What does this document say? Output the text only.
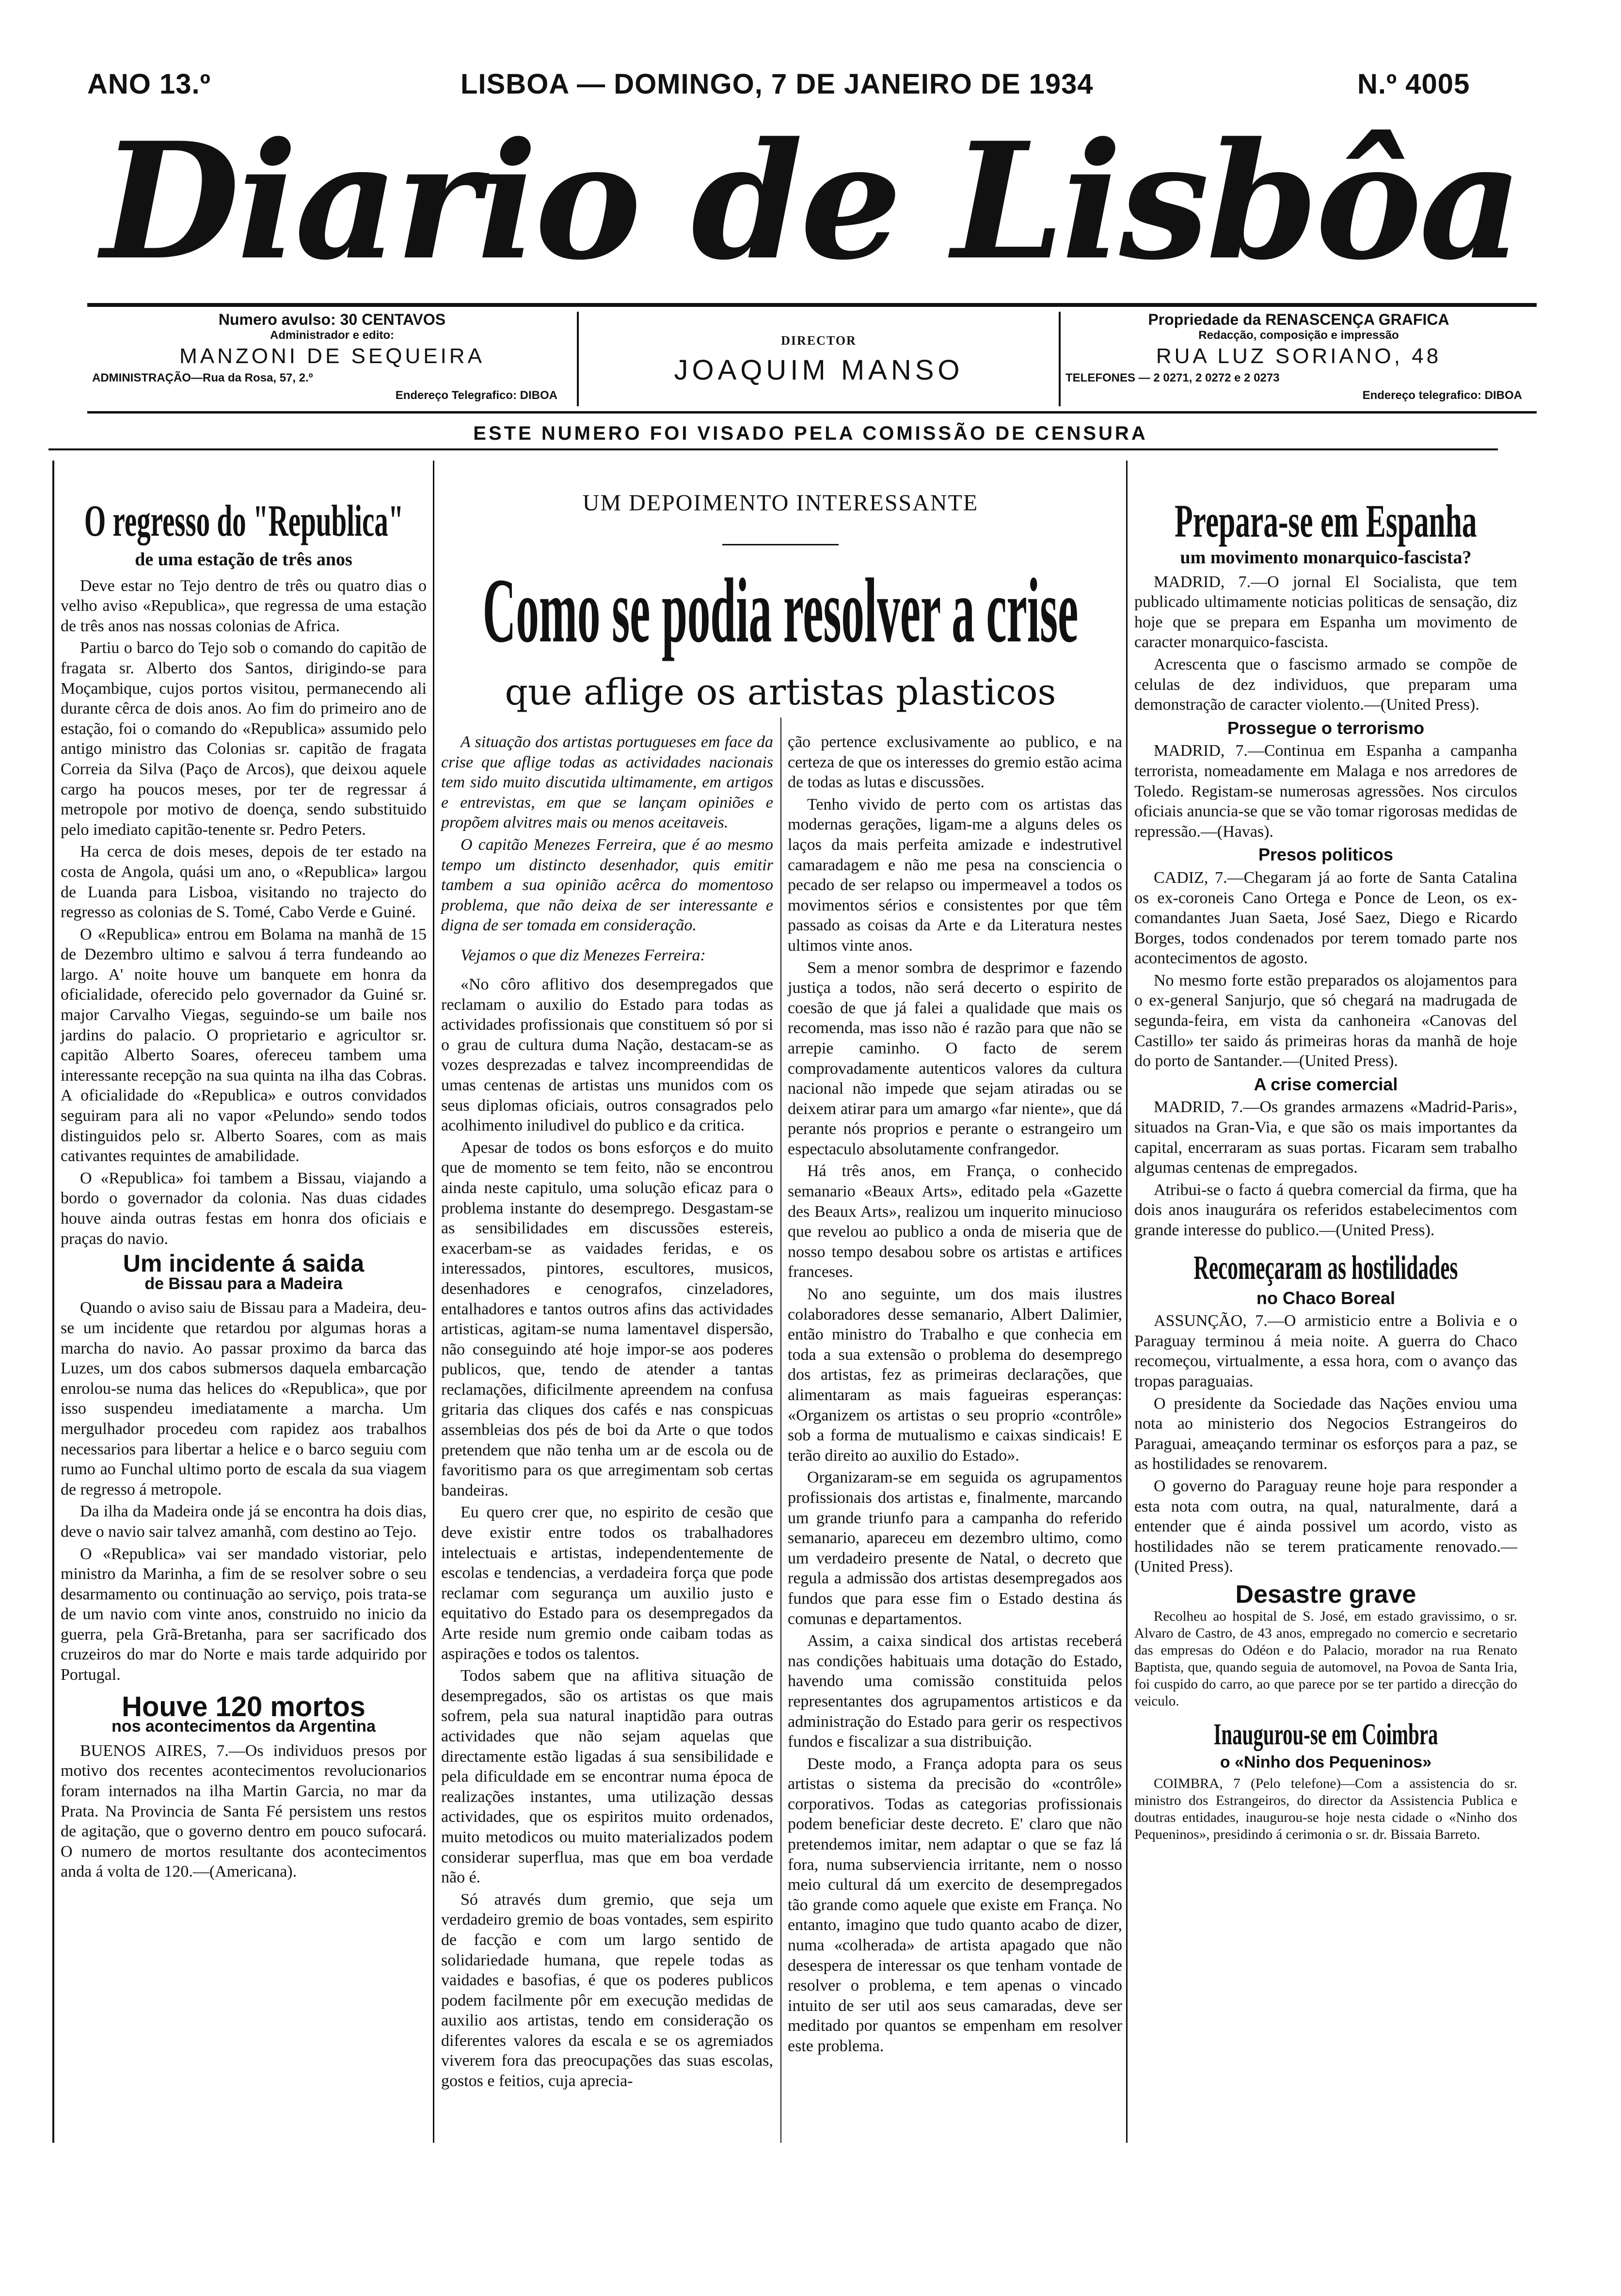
ANO 13.º	LISBOA — DOMINGO, 7 DE JANEIRO DE 1934	N.º 4005
Diario de Lisbôa
Numero avulso: 30 CENTAVOS
Administrador e edito:
MANZONI DE SEQUEIRA
ADMINISTRAÇÃO—Rua da Rosa, 57, 2.º
Endereço Telegrafico: DIBOA
DIRECTOR
JOAQUIM MANSO
Propriedade da RENASCENÇA GRAFICA
Redacção, composição e impressão
RUA LUZ SORIANO, 48
TELEFONES — 2 0271, 2 0272 e 2 0273
Endereço telegrafico: DIBOA
ESTE NUMERO FOI VISADO PELA COMISSÃO DE CENSURA
O regresso do "Republica"
de uma estação de três anos

Deve estar no Tejo dentro de três ou quatro dias o velho aviso «Republica», que regressa de uma estação de três anos nas nossas colonias de Africa.

Partiu o barco do Tejo sob o comando do capitão de fragata sr. Alberto dos Santos, dirigindo-se para Moçambique, cujos portos visitou, permanecendo ali durante cêrca de dois anos. Ao fim do primeiro ano de estação, foi o comando do «Republica» assumido pelo antigo ministro das Colonias sr. capitão de fragata Correia da Silva (Paço de Arcos), que deixou aquele cargo ha poucos meses, por ter de regressar á metropole por motivo de doença, sendo substituido pelo imediato capitão-tenente sr. Pedro Peters.

Ha cerca de dois meses, depois de ter estado na costa de Angola, quási um ano, o «Republica» largou de Luanda para Lisboa, visitando no trajecto do regresso as colonias de S. Tomé, Cabo Verde e Guiné.

O «Republica» entrou em Bolama na manhã de 15 de Dezembro ultimo e salvou á terra fundeando ao largo. A' noite houve um banquete em honra da oficialidade, oferecido pelo governador da Guiné sr. major Carvalho Viegas, seguindo-se um baile nos jardins do palacio. O proprietario e agricultor sr. capitão Alberto Soares, ofereceu tambem uma interessante recepção na sua quinta na ilha das Cobras. A oficialidade do «Republica» e outros convidados seguiram para ali no vapor «Pelundo» sendo todos distinguidos pelo sr. Alberto Soares, com as mais cativantes requintes de amabilidade.

O «Republica» foi tambem a Bissau, viajando a bordo o governador da colonia. Nas duas cidades houve ainda outras festas em honra dos oficiais e praças do navio.

Um incidente á saida
de Bissau para a Madeira

Quando o aviso saiu de Bissau para a Madeira, deu-se um incidente que retardou por algumas horas a marcha do navio. Ao passar proximo da barca das Luzes, um dos cabos submersos daquela embarcação enrolou-se numa das helices do «Republica», que por isso suspendeu imediatamente a marcha. Um mergulhador procedeu com rapidez aos trabalhos necessarios para libertar a helice e o barco seguiu com rumo ao Funchal ultimo porto de escala da sua viagem de regresso á metropole.

Da ilha da Madeira onde já se encontra ha dois dias, deve o navio sair talvez amanhã, com destino ao Tejo.

O «Republica» vai ser mandado vistoriar, pelo ministro da Marinha, a fim de se resolver sobre o seu desarmamento ou continuação ao serviço, pois trata-se de um navio com vinte anos, construido no inicio da guerra, pela Grã-Bretanha, para ser sacrificado dos cruzeiros do mar do Norte e mais tarde adquirido por Portugal.

Houve 120 mortos
nos acontecimentos da Argentina

BUENOS AIRES, 7.—Os individuos presos por motivo dos recentes acontecimentos revolucionarios foram internados na ilha Martin Garcia, no mar da Prata. Na Provincia de Santa Fé persistem uns restos de agitação, que o governo dentro em pouco sufocará. O numero de mortos resultante dos acontecimentos anda á volta de 120.—(Americana).

UM DEPOIMENTO INTERESSANTE
Como se podia resolver a crise
que aflige os artistas plasticos

A situação dos artistas portugueses em face da crise que aflige todas as actividades nacionais tem sido muito discutida ultimamente, em artigos e entrevistas, em que se lançam opiniões e propõem alvitres mais ou menos aceitaveis.

O capitão Menezes Ferreira, que é ao mesmo tempo um distincto desenhador, quis emitir tambem a sua opinião acêrca do momentoso problema, que não deixa de ser interessante e digna de ser tomada em consideração.

Vejamos o que diz Menezes Ferreira:

«No côro aflitivo dos desempregados que reclamam o auxilio do Estado para todas as actividades profissionais que constituem só por si o grau de cultura duma Nação, destacam-se as vozes desprezadas e talvez incompreendidas de umas centenas de artistas uns munidos com os seus diplomas oficiais, outros consagrados pelo acolhimento iniludivel do publico e da critica.

Apesar de todos os bons esforços e do muito que de momento se tem feito, não se encontrou ainda neste capitulo, uma solução eficaz para o problema instante do desemprego. Desgastam-se as sensibilidades em discussões estereis, exacerbam-se as vaidades feridas, e os interessados, pintores, escultores, musicos, desenhadores e cenografos, cinzeladores, entalhadores e tantos outros afins das actividades artisticas, agitam-se numa lamentavel dispersão, não conseguindo até hoje impor-se aos poderes publicos, que, tendo de atender a tantas reclamações, dificilmente apreendem na confusa gritaria das cliques dos cafés e nas conspicuas assembleias dos pés de boi da Arte o que todos pretendem que não tenha um ar de escola ou de favoritismo para os que arregimentam sob certas bandeiras.

Eu quero crer que, no espirito de cesão que deve existir entre todos os trabalhadores intelectuais e artistas, independentemente de escolas e tendencias, a verdadeira força que pode reclamar com segurança um auxilio justo e equitativo do Estado para os desempregados da Arte reside num gremio onde caibam todas as aspirações e todos os talentos.

Todos sabem que na aflitiva situação de desempregados, são os artistas os que mais sofrem, pela sua natural inaptidão para outras actividades que não sejam aquelas que directamente estão ligadas á sua sensibilidade e pela dificuldade em se encontrar numa época de realizações instantes, uma utilização dessas actividades, que os espiritos muito ordenados, muito metodicos ou muito materializados podem considerar superflua, mas que em boa verdade não é.

Só através dum gremio, que seja um verdadeiro gremio de boas vontades, sem espirito de facção e com um largo sentido de solidariedade humana, que repele todas as vaidades e basofias, é que os poderes publicos podem facilmente pôr em execução medidas de auxilio aos artistas, tendo em consideração os diferentes valores da escala e se os agremiados viverem fora das preocupações das suas escolas, gostos e feitios, cuja aprecia-

ção pertence exclusivamente ao publico, e na certeza de que os interesses do gremio estão acima de todas as lutas e discussões.

Tenho vivido de perto com os artistas das modernas gerações, ligam-me a alguns deles os laços da mais perfeita amizade e indestrutivel camaradagem e não me pesa na consciencia o pecado de ser relapso ou impermeavel a todos os movimentos sérios e consistentes por que têm passado as coisas da Arte e da Literatura nestes ultimos vinte anos.

Sem a menor sombra de desprimor e fazendo justiça a todos, não será decerto o espirito de coesão de que já falei a qualidade que mais os recomenda, mas isso não é razão para que não se arrepie caminho. O facto de serem comprovadamente autenticos valores da cultura nacional não impede que sejam atiradas ou se deixem atirar para um amargo «far niente», que dá perante nós proprios e perante o estrangeiro um espectaculo absolutamente confrangedor.

Há três anos, em França, o conhecido semanario «Beaux Arts», editado pela «Gazette des Beaux Arts», realizou um inquerito minucioso que revelou ao publico a onda de miseria que de nosso tempo desabou sobre os artistas e artifices franceses.

No ano seguinte, um dos mais ilustres colaboradores desse semanario, Albert Dalimier, então ministro do Trabalho e que conhecia em toda a sua extensão o problema do desemprego dos artistas, fez as primeiras declarações, que alimentaram as mais fagueiras esperanças: «Organizem os artistas o seu proprio «contrôle» sob a forma de mutualismo e caixas sindicais! E terão direito ao auxilio do Estado».

Organizaram-se em seguida os agrupamentos profissionais dos artistas e, finalmente, marcando um grande triunfo para a campanha do referido semanario, apareceu em dezembro ultimo, como um verdadeiro presente de Natal, o decreto que regula a admissão dos artistas desempregados aos fundos que para esse fim o Estado destina ás comunas e departamentos.

Assim, a caixa sindical dos artistas receberá nas condições habituais uma dotação do Estado, havendo uma comissão constituida pelos representantes dos agrupamentos artisticos e da administração do Estado para gerir os respectivos fundos e fiscalizar a sua distribuição.

Deste modo, a França adopta para os seus artistas o sistema da precisão do «contrôle» corporativos. Todas as categorias profissionais podem beneficiar deste decreto. E' claro que não pretendemos imitar, nem adaptar o que se faz lá fora, numa subserviencia irritante, nem o nosso meio cultural dá um exercito de desempregados tão grande como aquele que existe em França. No entanto, imagino que tudo quanto acabo de dizer, numa «colherada» de artista apagado que não desespera de interessar os que tenham vontade de resolver o problema, e tem apenas o vincado intuito de ser util aos seus camaradas, deve ser meditado por quantos se empenham em resolver este problema.

Prepara-se em Espanha
um movimento monarquico-fascista?

MADRID, 7.—O jornal El Socialista, que tem publicado ultimamente noticias politicas de sensação, diz hoje que se prepara em Espanha um movimento de caracter monarquico-fascista.

Acrescenta que o fascismo armado se compõe de celulas de dez individuos, que preparam uma demonstração de caracter violento.—(United Press).

Prossegue o terrorismo

MADRID, 7.—Continua em Espanha a campanha terrorista, nomeadamente em Malaga e nos arredores de Toledo. Registam-se numerosas agressões. Nos circulos oficiais anuncia-se que se vão tomar rigorosas medidas de repressão.—(Havas).

Presos politicos

CADIZ, 7.—Chegaram já ao forte de Santa Catalina os ex-coroneis Cano Ortega e Ponce de Leon, os ex-comandantes Juan Saeta, José Saez, Diego e Ricardo Borges, todos condenados por terem tomado parte nos acontecimentos de agosto.

No mesmo forte estão preparados os alojamentos para o ex-general Sanjurjo, que só chegará na madrugada de segunda-feira, em vista da canhoneira «Canovas del Castillo» ter saido ás primeiras horas da manhã de hoje do porto de Santander.—(United Press).

A crise comercial

MADRID, 7.—Os grandes armazens «Madrid-Paris», situados na Gran-Via, e que são os mais importantes da capital, encerraram as suas portas. Ficaram sem trabalho algumas centenas de empregados.

Atribui-se o facto á quebra comercial da firma, que ha dois anos inaugurára os referidos estabelecimentos com grande interesse do publico.—(United Press).

Recomeçaram as hostilidades
no Chaco Boreal

ASSUNÇÃO, 7.—O armisticio entre a Bolivia e o Paraguay terminou á meia noite. A guerra do Chaco recomeçou, virtualmente, a essa hora, com o avanço das tropas paraguaias.

O presidente da Sociedade das Nações enviou uma nota ao ministerio dos Negocios Estrangeiros do Paraguai, ameaçando terminar os esforços para a paz, se as hostilidades se renovarem.

O governo do Paraguay reune hoje para responder a esta nota com outra, na qual, naturalmente, dará a entender que é ainda possivel um acordo, visto as hostilidades não se terem praticamente renovado.—(United Press).

Desastre grave

Recolheu ao hospital de S. José, em estado gravissimo, o sr. Alvaro de Castro, de 43 anos, empregado no comercio e secretario das empresas do Odéon e do Palacio, morador na rua Renato Baptista, que, quando seguia de automovel, na Povoa de Santa Iria, foi cuspido do carro, ao que parece por se ter partido a direcção do veiculo.

Inaugurou-se em Coimbra
o «Ninho dos Pequeninos»

COIMBRA, 7 (Pelo telefone)—Com a assistencia do sr. ministro dos Estrangeiros, do director da Assistencia Publica e doutras entidades, inaugurou-se hoje nesta cidade o «Ninho dos Pequeninos», presidindo á cerimonia o sr. dr. Bissaia Barreto.
